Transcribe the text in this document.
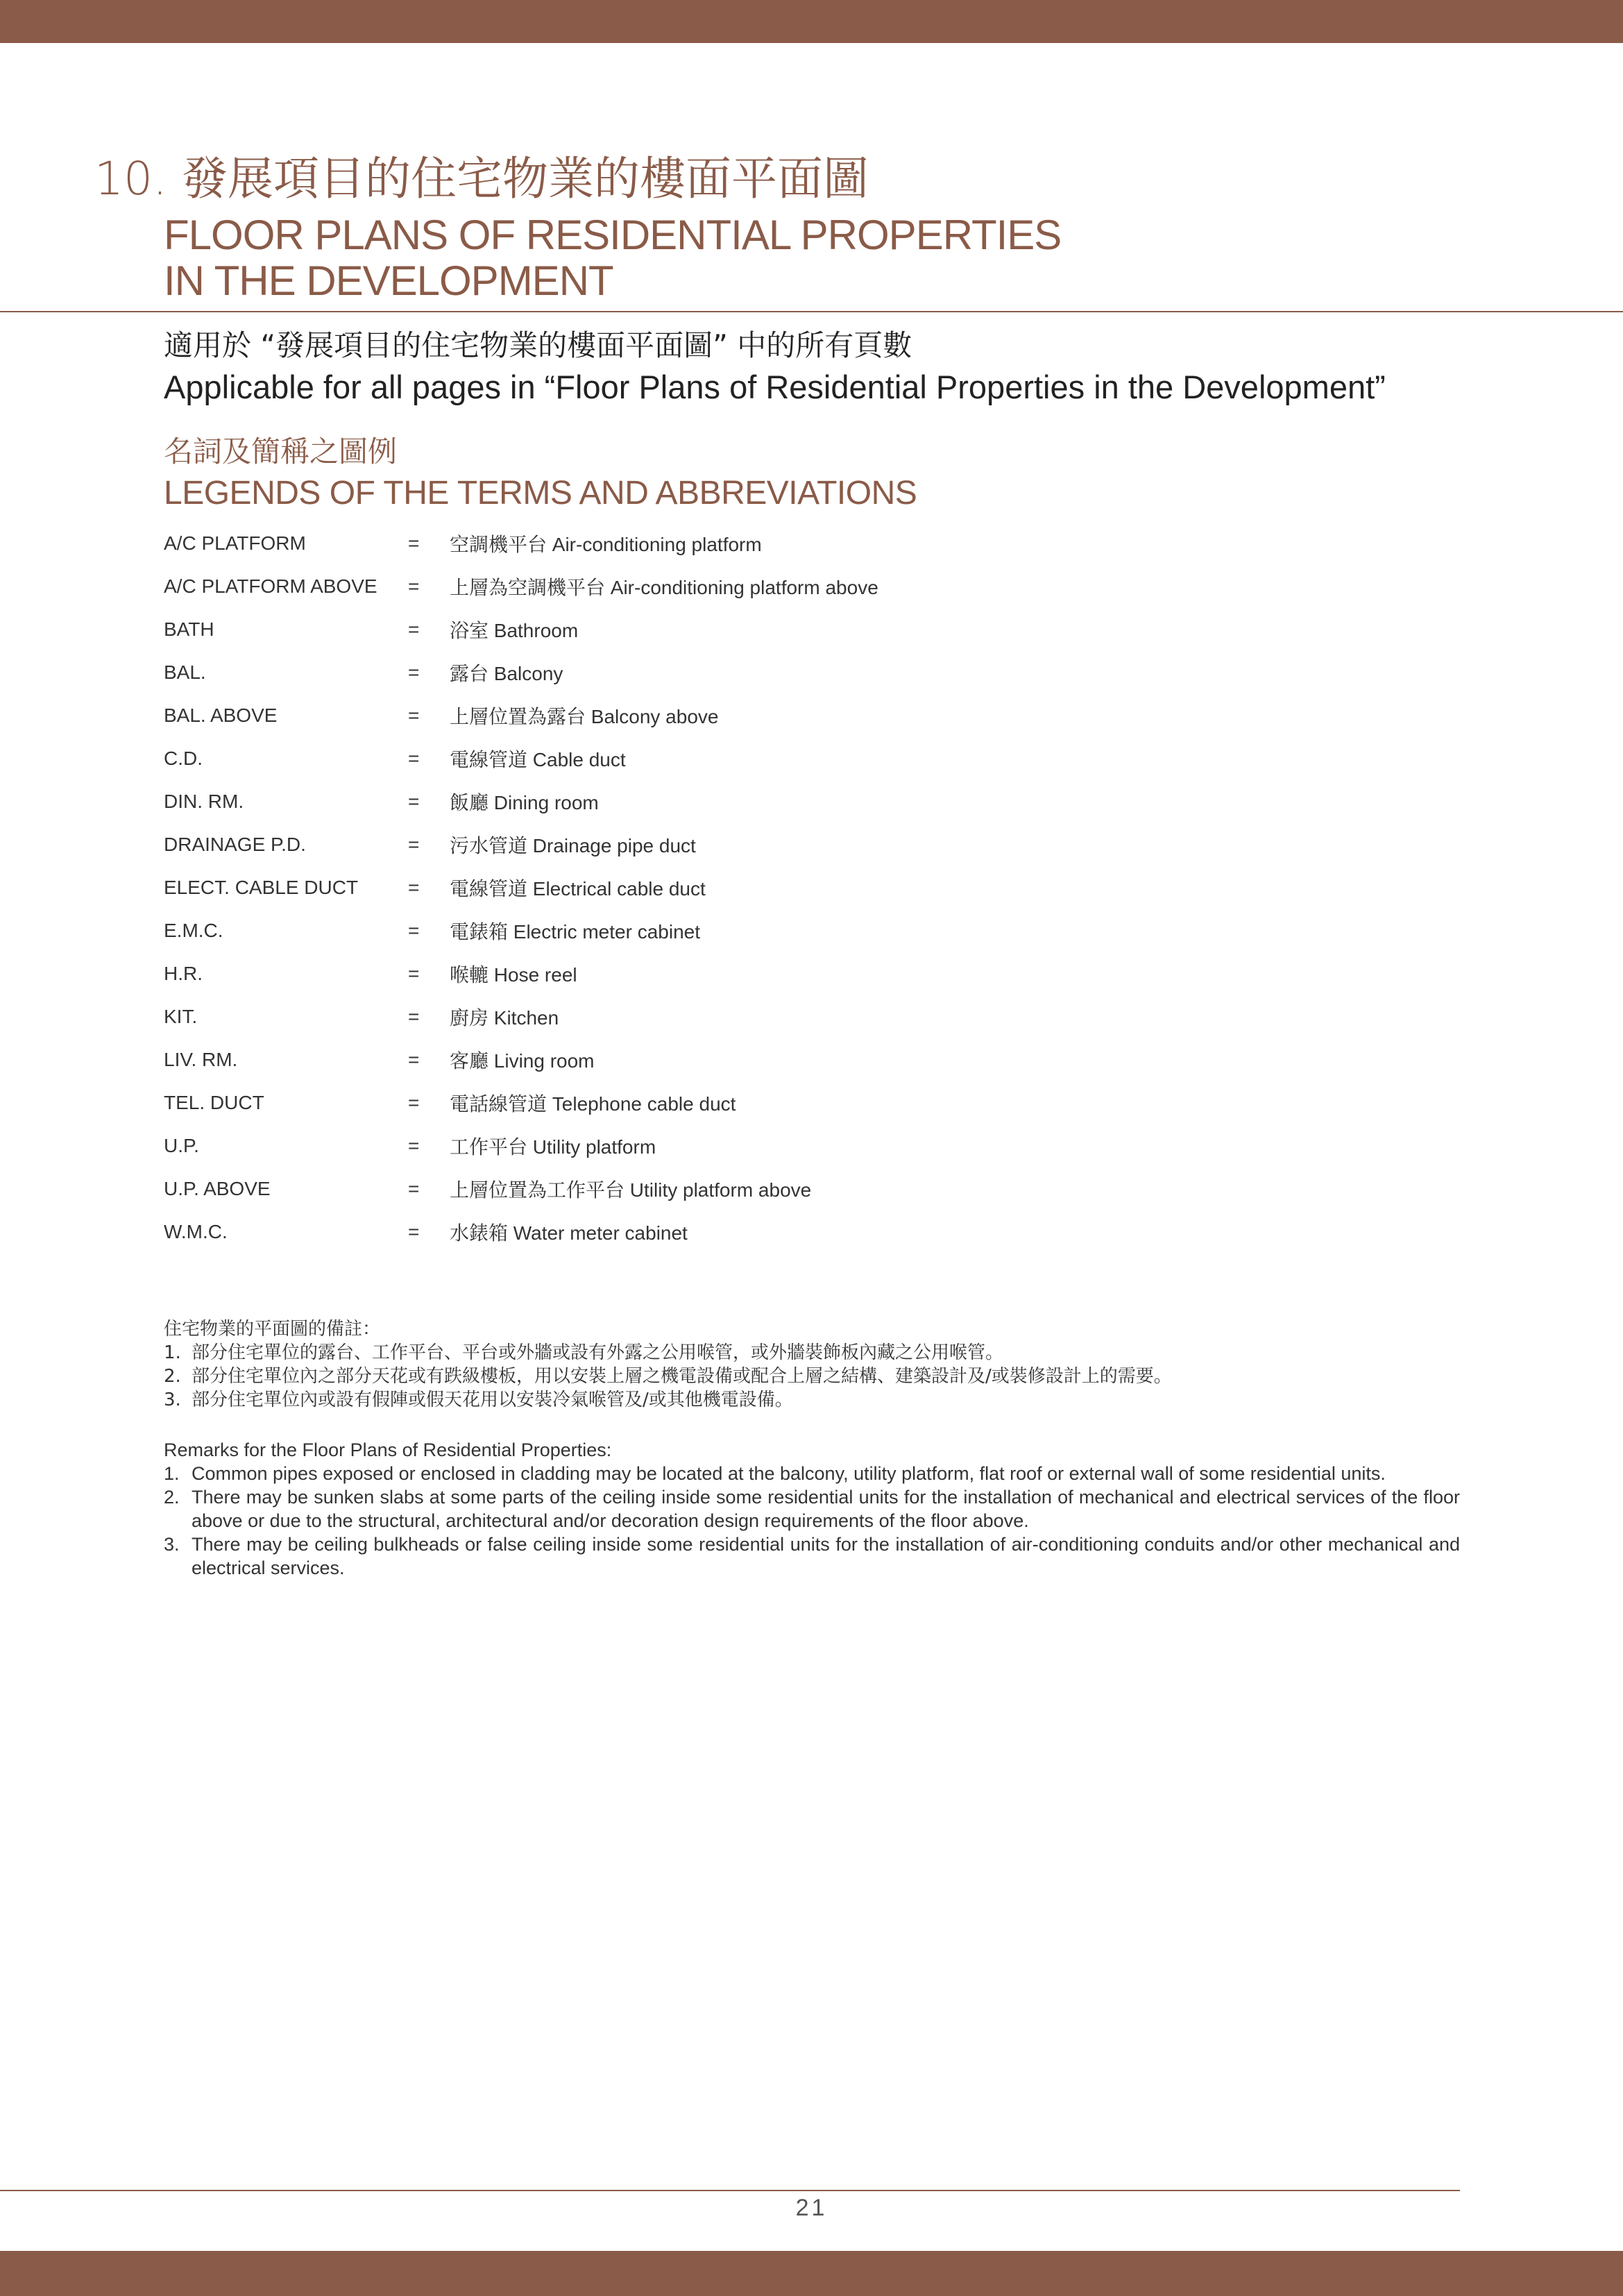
10. 發展項目的住宅物業的樓面平面圖
FLOOR PLANS OF RESIDENTIAL PROPERTIES
IN THE DEVELOPMENT
適用於 “發展項目的住宅物業的樓面平面圖” 中的所有頁數
Applicable for all pages in “Floor Plans of Residential Properties in the Development”
名詞及簡稱之圖例
LEGENDS OF THE TERMS AND ABBREVIATIONS
A/C PLATFORM	=	空調機平台 Air-conditioning platform
A/C PLATFORM ABOVE	=	上層為空調機平台 Air-conditioning platform above
BATH	=	浴室 Bathroom
BAL.	=	露台 Balcony
BAL. ABOVE	=	上層位置為露台 Balcony above
C.D.	=	電線管道 Cable duct
DIN. RM.	=	飯廳 Dining room
DRAINAGE P.D.	=	污水管道 Drainage pipe duct
ELECT. CABLE DUCT	=	電線管道 Electrical cable duct
E.M.C.	=	電錶箱 Electric meter cabinet
H.R.	=	喉轆 Hose reel
KIT.	=	廚房 Kitchen
LIV. RM.	=	客廳 Living room
TEL. DUCT	=	電話線管道 Telephone cable duct
U.P.	=	工作平台 Utility platform
U.P. ABOVE	=	上層位置為工作平台 Utility platform above
W.M.C.	=	水錶箱 Water meter cabinet
住宅物業的平面圖的備註：
1. 部分住宅單位的露台、工作平台、平台或外牆或設有外露之公用喉管，或外牆裝飾板內藏之公用喉管。
2. 部分住宅單位內之部分天花或有跌級樓板，用以安裝上層之機電設備或配合上層之結構、建築設計及/或裝修設計上的需要。
3. 部分住宅單位內或設有假陣或假天花用以安裝冷氣喉管及/或其他機電設備。
Remarks for the Floor Plans of Residential Properties:
1. Common pipes exposed or enclosed in cladding may be located at the balcony, utility platform, flat roof or external wall of some residential units.
2. There may be sunken slabs at some parts of the ceiling inside some residential units for the installation of mechanical and electrical services of the floor above or due to the structural, architectural and/or decoration design requirements of the floor above.
3. There may be ceiling bulkheads or false ceiling inside some residential units for the installation of air-conditioning conduits and/or other mechanical and electrical services.
21
